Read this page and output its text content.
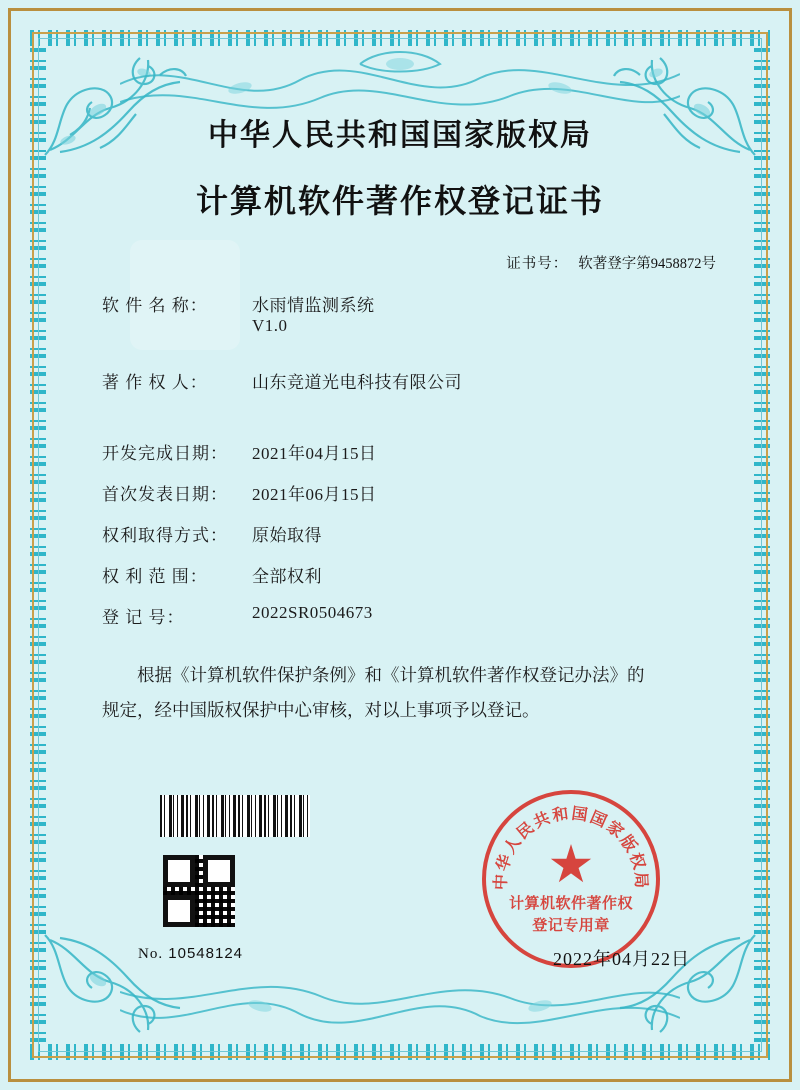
中华人民共和国国家版权局
计算机软件著作权登记证书
证书号： 软著登字第9458872号
软 件 名 称：	水雨情监测系统
V1.0
著 作 权 人：	山东竞道光电科技有限公司
开发完成日期：	2021年04月15日
首次发表日期：	2021年06月15日
权利取得方式：	原始取得
权 利 范 围：	全部权利
登 记 号：	2022SR0504673
根据《计算机软件保护条例》和《计算机软件著作权登记办法》的
规定，经中国版权保护中心审核，对以上事项予以登记。
No. 10548124
中华人民共和国国家版权局
计算机软件著作权
登记专用章
2022年04月22日
